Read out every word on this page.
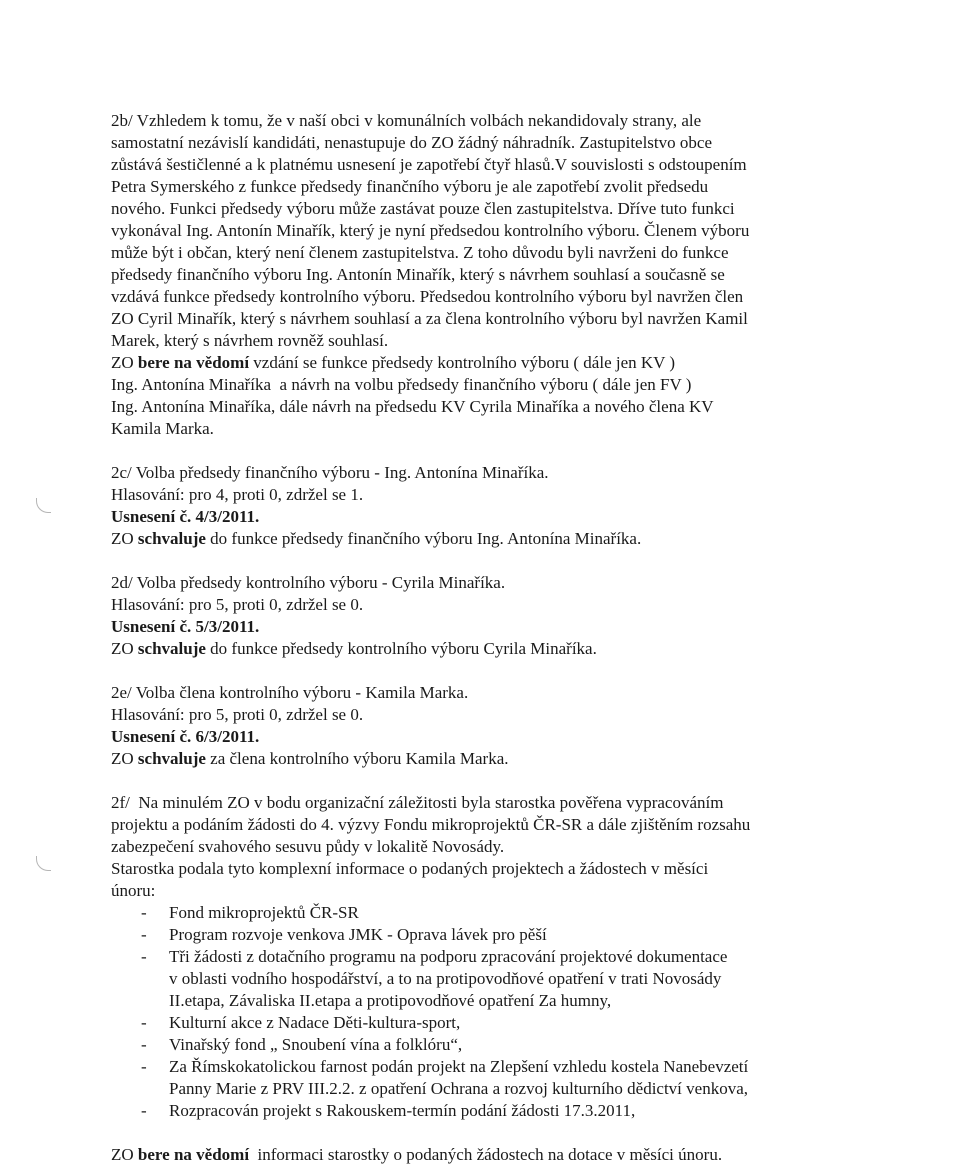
2b/ Vzhledem k tomu, že v naší obci v komunálních volbách nekandidovaly strany, ale

samostatní nezávislí kandidáti, nenastupuje do ZO žádný náhradník. Zastupitelstvo obce

zůstává šestičlenné a k platnému usnesení je zapotřebí čtyř hlasů.V souvislosti s odstoupením

Petra Symerského z funkce předsedy finančního výboru je ale zapotřebí zvolit předsedu

nového. Funkci předsedy výboru může zastávat pouze člen zastupitelstva. Dříve tuto funkci

vykonával Ing. Antonín Minařík, který je nyní předsedou kontrolního výboru. Členem výboru

může být i občan, který není členem zastupitelstva. Z toho důvodu byli navrženi do funkce

předsedy finančního výboru Ing. Antonín Minařík, který s návrhem souhlasí a současně se

vzdává funkce předsedy kontrolního výboru. Předsedou kontrolního výboru byl navržen člen

ZO Cyril Minařík, který s návrhem souhlasí a za člena kontrolního výboru byl navržen Kamil

Marek, který s návrhem rovněž souhlasí.

ZO bere na vědomí vzdání se funkce předsedy kontrolního výboru ( dále jen KV )

Ing. Antonína Minaříka  a návrh na volbu předsedy finančního výboru ( dále jen FV )

Ing. Antonína Minaříka, dále návrh na předsedu KV Cyrila Minaříka a nového člena KV

Kamila Marka.

2c/ Volba předsedy finančního výboru - Ing. Antonína Minaříka.

Hlasování: pro 4, proti 0, zdržel se 1.

Usnesení č. 4/3/2011.

ZO schvaluje do funkce předsedy finančního výboru Ing. Antonína Minaříka.

2d/ Volba předsedy kontrolního výboru - Cyrila Minaříka.

Hlasování: pro 5, proti 0, zdržel se 0.

Usnesení č. 5/3/2011.

ZO schvaluje do funkce předsedy kontrolního výboru Cyrila Minaříka.

2e/ Volba člena kontrolního výboru - Kamila Marka.

Hlasování: pro 5, proti 0, zdržel se 0.

Usnesení č. 6/3/2011.

ZO schvaluje za člena kontrolního výboru Kamila Marka.

2f/  Na minulém ZO v bodu organizační záležitosti byla starostka pověřena vypracováním

projektu a podáním žádosti do 4. výzvy Fondu mikroprojektů ČR-SR a dále zjištěním rozsahu

zabezpečení svahového sesuvu půdy v lokalitě Novosády.

Starostka podala tyto komplexní informace o podaných projektech a žádostech v měsíci

únoru:

- Fond mikroprojektů ČR-SR
- Program rozvoje venkova JMK - Oprava lávek pro pěší
- Tři žádosti z dotačního programu na podporu zpracování projektové dokumentace
v oblasti vodního hospodářství, a to na protipovodňové opatření v trati Novosády
II.etapa, Závaliska II.etapa a protipovodňové opatření Za humny,
- Kulturní akce z Nadace Děti-kultura-sport,
- Vinařský fond „ Snoubení vína a folklóru“,
- Za Římskokatolickou farnost podán projekt na Zlepšení vzhledu kostela Nanebevzetí
Panny Marie z PRV III.2.2. z opatření Ochrana a rozvoj kulturního dědictví venkova,
- Rozpracován projekt s Rakouskem-termín podání žádosti 17.3.2011,

ZO bere na vědomí  informaci starostky o podaných žádostech na dotace v měsíci únoru.
